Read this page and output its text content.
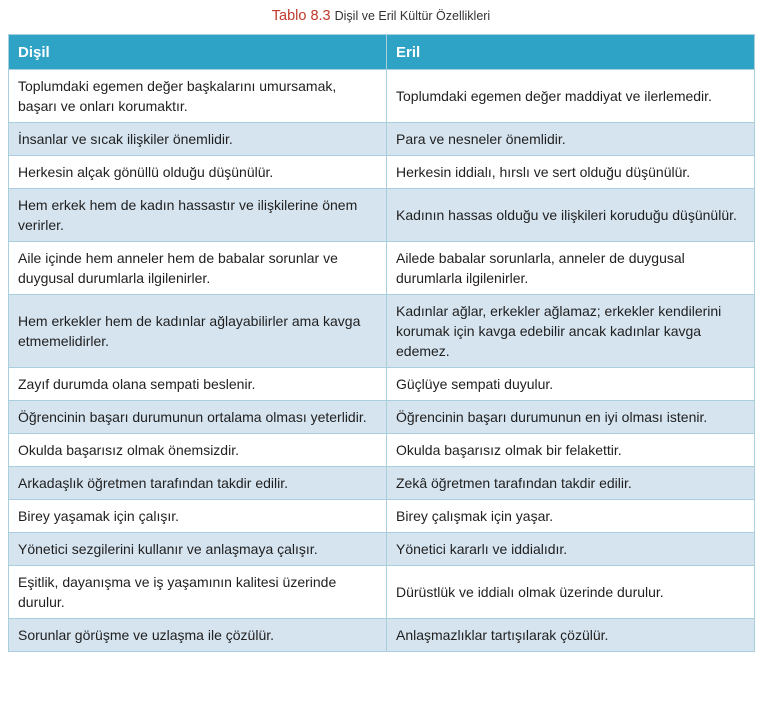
Tablo 8.3 Dişil ve Eril Kültür Özellikleri
Dişil	Eril
Toplumdaki egemen değer başkalarını umursamak, başarı ve onları korumaktır.	Toplumdaki egemen değer maddiyat ve ilerlemedir.
İnsanlar ve sıcak ilişkiler önemlidir.	Para ve nesneler önemlidir.
Herkesin alçak gönüllü olduğu düşünülür.	Herkesin iddialı, hırslı ve sert olduğu düşünülür.
Hem erkek hem de kadın hassastır ve ilişkilerine önem verirler.	Kadının hassas olduğu ve ilişkileri koruduğu düşünülür.
Aile içinde hem anneler hem de babalar sorunlar ve duygusal durumlarla ilgilenirler.	Ailede babalar sorunlarla, anneler de duygusal durumlarla ilgilenirler.
Hem erkekler hem de kadınlar ağlayabilirler ama kavga etmemelidirler.	Kadınlar ağlar, erkekler ağlamaz; erkekler kendilerini korumak için kavga edebilir ancak kadınlar kavga edemez.
Zayıf durumda olana sempati beslenir.	Güçlüye sempati duyulur.
Öğrencinin başarı durumunun ortalama olması yeterlidir.	Öğrencinin başarı durumunun en iyi olması istenir.
Okulda başarısız olmak önemsizdir.	Okulda başarısız olmak bir felakettir.
Arkadaşlık öğretmen tarafından takdir edilir.	Zekâ öğretmen tarafından takdir edilir.
Birey yaşamak için çalışır.	Birey çalışmak için yaşar.
Yönetici sezgilerini kullanır ve anlaşmaya çalışır.	Yönetici kararlı ve iddialıdır.
Eşitlik, dayanışma ve iş yaşamının kalitesi üzerinde durulur.	Dürüstlük ve iddialı olmak üzerinde durulur.
Sorunlar görüşme ve uzlaşma ile çözülür.	Anlaşmazlıklar tartışılarak çözülür.
